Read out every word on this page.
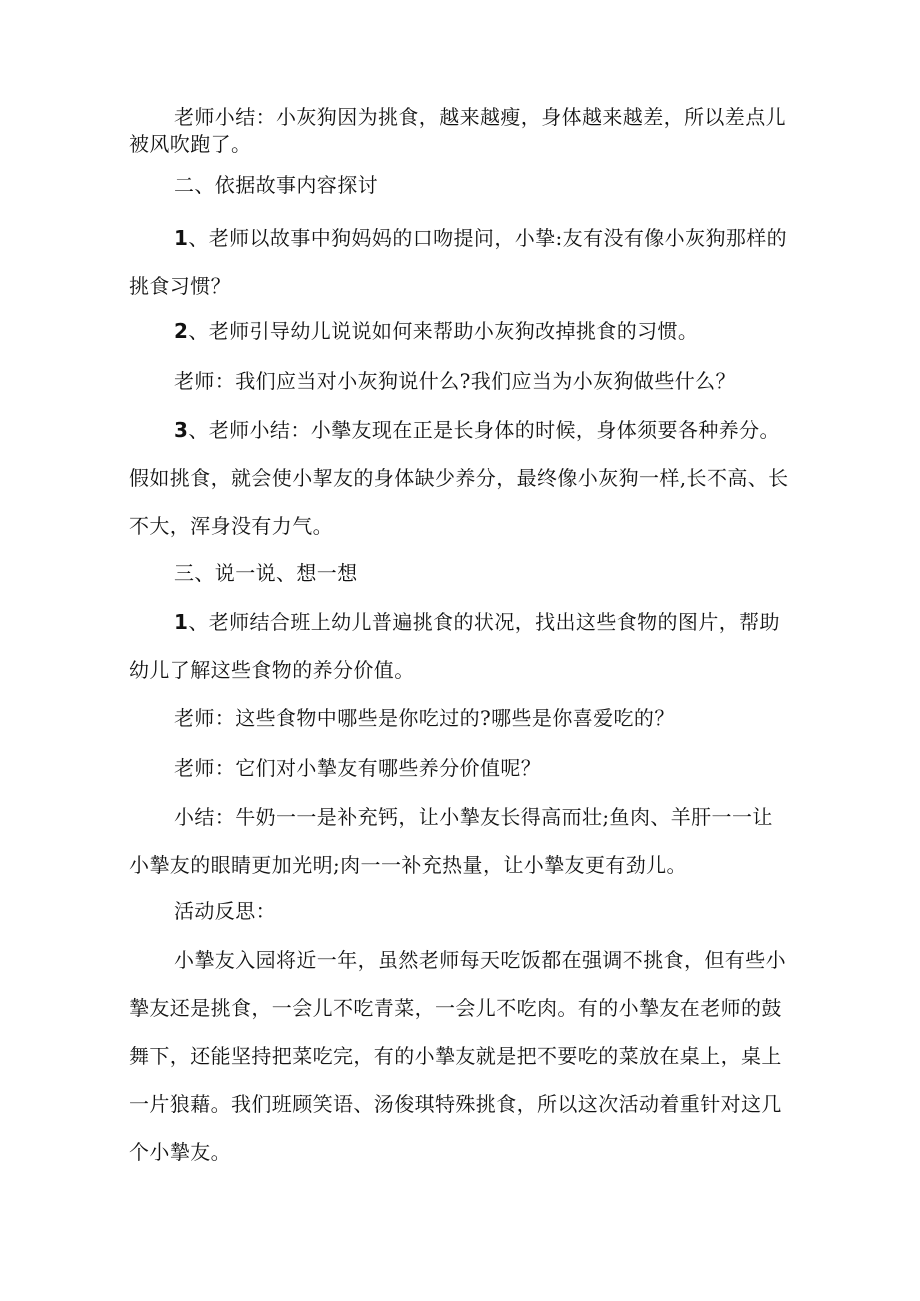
老师小结：小灰狗因为挑食，越来越瘦，身体越来越差，所以差点儿被风吹跑了。

二、依据故事内容探讨

1、老师以故事中狗妈妈的口吻提问，小挚:友有没有像小灰狗那样的挑食习惯？

2、老师引导幼儿说说如何来帮助小灰狗改掉挑食的习惯。

老师：我们应当对小灰狗说什么?我们应当为小灰狗做些什么？

3、老师小结：小摰友现在正是长身体的时候，身体须要各种养分。假如挑食，就会使小挈友的身体缺少养分，最终像小灰狗一样,长不高、长不大，浑身没有力气。

三、说一说、想一想

1、老师结合班上幼儿普遍挑食的状况，找出这些食物的图片，帮助幼儿了解这些食物的养分价值。

老师：这些食物中哪些是你吃过的?哪些是你喜爱吃的？

老师：它们对小摯友有哪些养分价值呢？

小结：牛奶一一是补充钙，让小摯友长得高而壮;鱼肉、羊肝一一让小摯友的眼睛更加光明;肉一一补充热量，让小摯友更有劲儿。

活动反思：

小摯友入园将近一年，虽然老师每天吃饭都在强调不挑食，但有些小摯友还是挑食，一会儿不吃青菜，一会儿不吃肉。有的小摯友在老师的鼓舞下，还能坚持把菜吃完，有的小摯友就是把不要吃的菜放在桌上，桌上一片狼藉。我们班顾笑语、汤俊琪特殊挑食，所以这次活动着重针对这几个小摯友。
